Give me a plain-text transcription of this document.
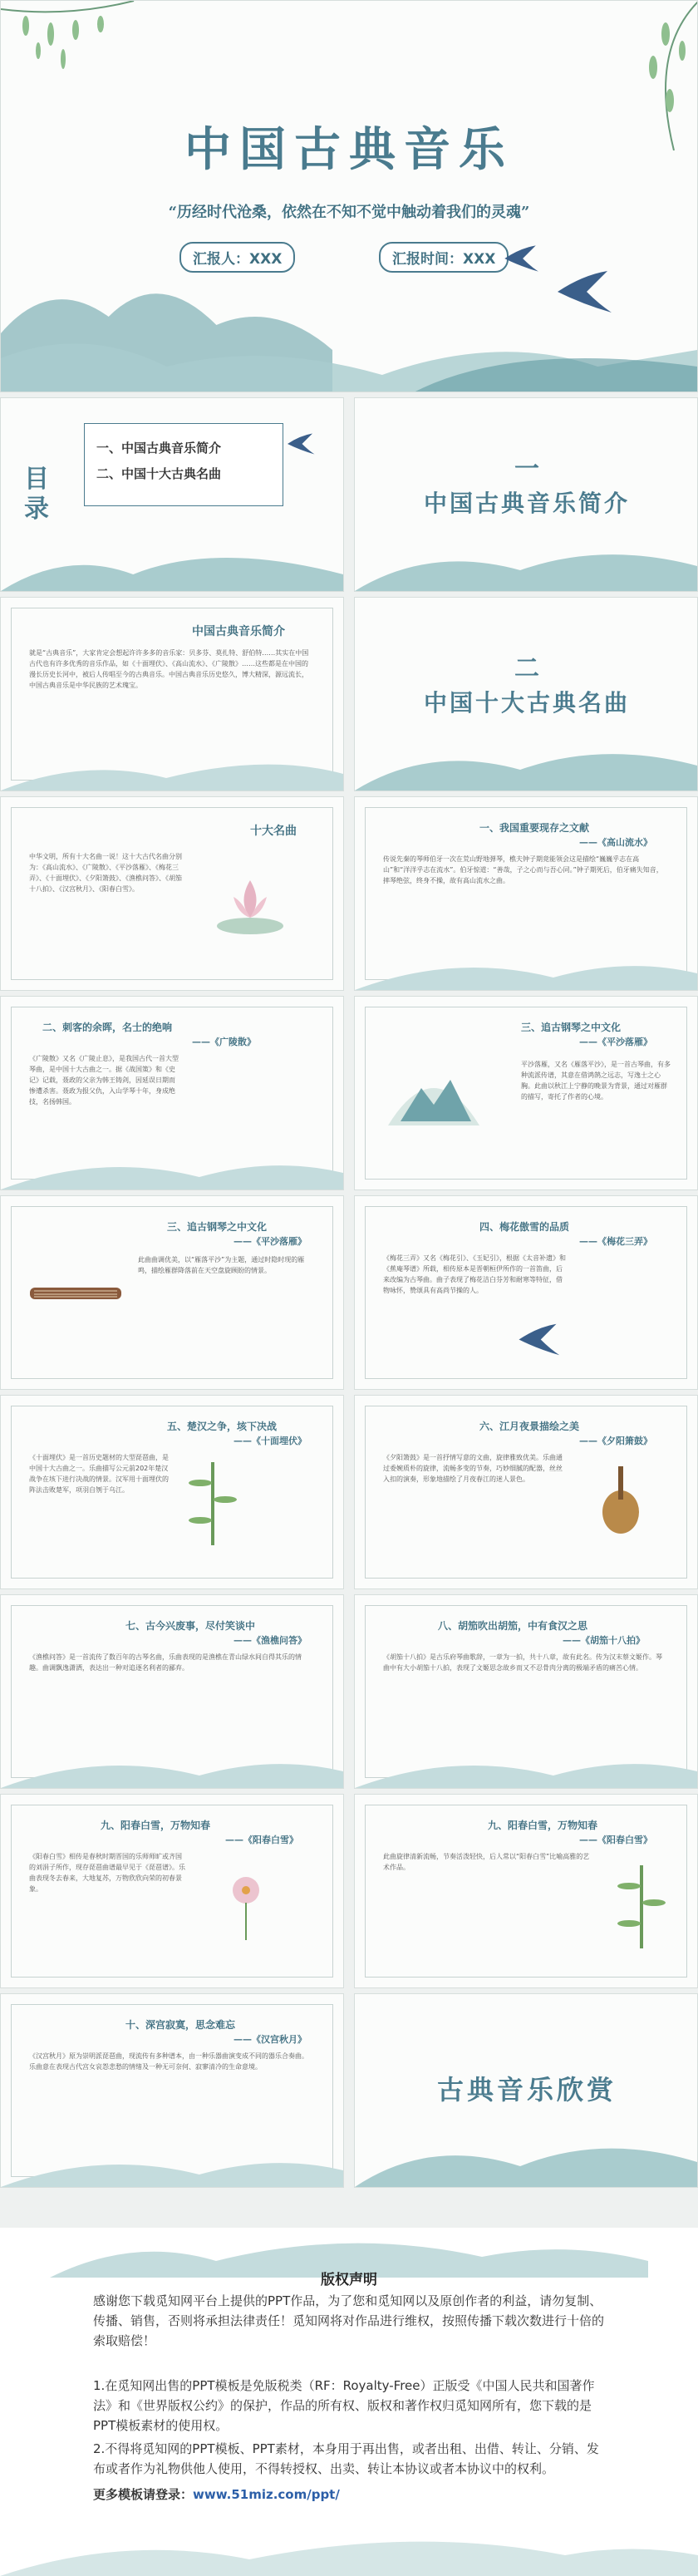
中国古典音乐
“历经时代沧桑，依然在不知不觉中触动着我们的灵魂”
汇报人：XXX	汇报时间：XXX
目录
一、中国古典音乐简介
二、中国十大古典名曲	一
中国古典音乐简介
中国古典音乐简介
就是“古典音乐”，大家肯定会想起许许多多的音乐家：贝多芬、莫扎特、舒伯特……其实在中国古代也有许多优秀的音乐作品，如《十面埋伏》、《高山流水》、《广陵散》……这些都是在中国的漫长历史长河中，被后人传唱至今的古典音乐。中国古典音乐历史悠久，博大精深，源远流长，中国古典音乐是中华民族的艺术瑰宝。
二
中国十大古典名曲
十大名曲
中华文明，所有十大名曲一说！这十大古代名曲分别为：《高山流水》、《广陵散》、《平沙落雁》、《梅花三弄》、《十面埋伏》、《夕阳箫鼓》、《渔樵问答》、《胡笳十八拍》、《汉宫秋月》、《阳春白雪》。
一、我国重要现存之文献
——《高山流水》
传说先秦的琴师伯牙一次在荒山野地弹琴，樵夫钟子期竟能领会这是描绘“巍巍乎志在高山”和“洋洋乎志在流水”。伯牙惊道：“善哉，子之心而与吾心同。”钟子期死后，伯牙痛失知音，摔琴绝弦，终身不操，故有高山流水之曲。
二、刺客的余晖，名士的绝响
——《广陵散》
《广陵散》又名《广陵止息》，是我国古代一首大型琴曲，是中国十大古曲之一。据《战国策》和《史记》记载，聂政的父亲为韩王铸剑，因延误日期而惨遭杀害。聂政为报父仇，入山学琴十年，身成绝技，名扬韩国。
三、追古钢琴之中文化
——《平沙落雁》
平沙落雁，又名《雁落平沙》，是一首古琴曲，有多种流派传谱，其意在借鸿鹄之远志，写逸士之心胸。此曲以秋江上宁静的晚景为背景，通过对雁群的描写，寄托了作者的心境。
三、追古钢琴之中文化
——《平沙落雁》
此曲曲调优美，以“雁落平沙”为主题，通过时隐时现的雁鸣，描绘雁群降落前在天空盘旋顾盼的情景。
四、梅花傲雪的品质
——《梅花三弄》
《梅花三弄》又名《梅花引》、《玉妃引》，根据《太音补遗》和《蕉庵琴谱》所载，相传原本是晋朝桓伊所作的一首笛曲，后来改编为古琴曲。曲子表现了梅花洁白芬芳和耐寒等特征，借物咏怀，赞颂具有高尚节操的人。
五、楚汉之争，垓下决战
——《十面埋伏》
《十面埋伏》是一首历史题材的大型琵琶曲，是中国十大古曲之一。乐曲描写公元前202年楚汉战争在垓下进行决战的情景。汉军用十面埋伏的阵法击败楚军，项羽自刎于乌江。
六、江月夜景描绘之美
——《夕阳箫鼓》
《夕阳箫鼓》是一首抒情写意的文曲，旋律雅致优美。乐曲通过委婉质朴的旋律，流畅多变的节奏，巧妙细腻的配器，丝丝入扣的演奏，形象地描绘了月夜春江的迷人景色。
七、古今兴废事，尽付笑谈中
——《渔樵问答》
《渔樵问答》是一首流传了数百年的古琴名曲，乐曲表现的是渔樵在青山绿水间自得其乐的情趣。曲调飘逸潇洒，表达出一种对追逐名利者的鄙弃。
八、胡笳吹出胡笳，中有食汉之思
——《胡笳十八拍》
《胡笳十八拍》是古乐府琴曲歌辞，一章为一拍，共十八章，故有此名。传为汉末蔡文姬作。琴曲中有大小胡笳十八拍，表现了文姬思念故乡而又不忍骨肉分离的极端矛盾的痛苦心情。
九、阳春白雪，万物知春
——《阳春白雪》
《阳春白雪》相传是春秋时期晋国的乐师师旷或齐国的刘涓子所作，现存琵琶曲谱最早见于《琵琶谱》。乐曲表现冬去春来，大地复苏，万物欣欣向荣的初春景象。
九、阳春白雪，万物知春
——《阳春白雪》
此曲旋律清新流畅，节奏活泼轻快，后人常以“阳春白雪”比喻高雅的艺术作品。
十、深宫寂寞，思念难忘
——《汉宫秋月》
《汉宫秋月》原为崇明派琵琶曲，现流传有多种谱本，由一种乐器曲演变成不同的器乐合奏曲。乐曲意在表现古代宫女哀怨悲愁的情绪及一种无可奈何、寂寥清冷的生命意境。
古典音乐欣赏
版权声明

感谢您下载觅知网平台上提供的PPT作品，为了您和觅知网以及原创作者的利益，请勿复制、传播、销售，否则将承担法律责任！觅知网将对作品进行维权，按照传播下载次数进行十倍的索取赔偿！

1.在觅知网出售的PPT模板是免版税类（RF：Royalty-Free）正版受《中国人民共和国著作法》和《世界版权公约》的保护，作品的所有权、版权和著作权归觅知网所有，您下载的是PPT模板素材的使用权。

2.不得将觅知网的PPT模板、PPT素材，本身用于再出售，或者出租、出借、转让、分销、发布或者作为礼物供他人使用，不得转授权、出卖、转让本协议或者本协议中的权利。

更多模板请登录：www.51miz.com/ppt/
